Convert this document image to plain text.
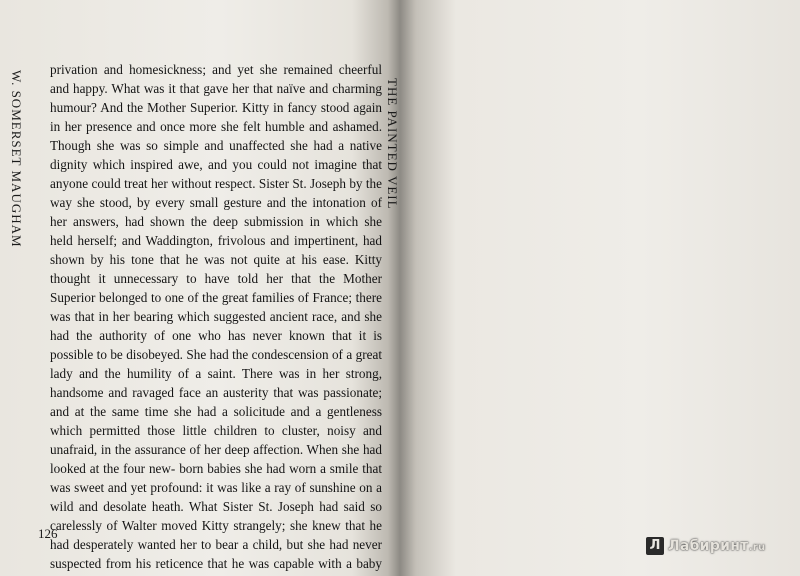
W. SOMERSET MAUGHAM

privation and homesickness; and yet she remained cheerful and happy. What was it that gave her that naïve and charming humour? And the Mother Superior. Kitty in fancy stood again in her presence and once more she felt humble and ashamed. Though she was so simple and unaffected she had a native dignity which inspired awe, and you could not imagine that anyone could treat her without respect. Sister St. Joseph by the way she stood, by every small gesture and the intonation of her answers, had shown the deep submission in which she held herself; and Waddington, frivolous and impertinent, had shown by his tone that he was not quite at his ease. Kitty thought it unnecessary to have told her that the Mother Superior belonged to one of the great families of France; there was that in her bearing which suggested ancient race, and she had the authority of one who has never known that it is possible to be disobeyed. She had the condescension of a great lady and the humility of a saint. There was in her strong, handsome and ravaged face an austerity that was passionate; and at the same time she had a solicitude and a gentleness which permitted those little children to cluster, noisy and unafraid, in the assurance of her deep affection. When she had looked at the four new- born babies she had worn a smile that was sweet and yet profound: it was like a ray of sunshine on a wild and desolate heath. What Sister St. Joseph had said so carelessly of Walter moved Kitty strangely; she knew that he had desperately wanted her to bear a child, but she had never suspected from his reticence that he was capable with a baby

126

THE PAINTED VEIL

Л Лабиринт.ru
